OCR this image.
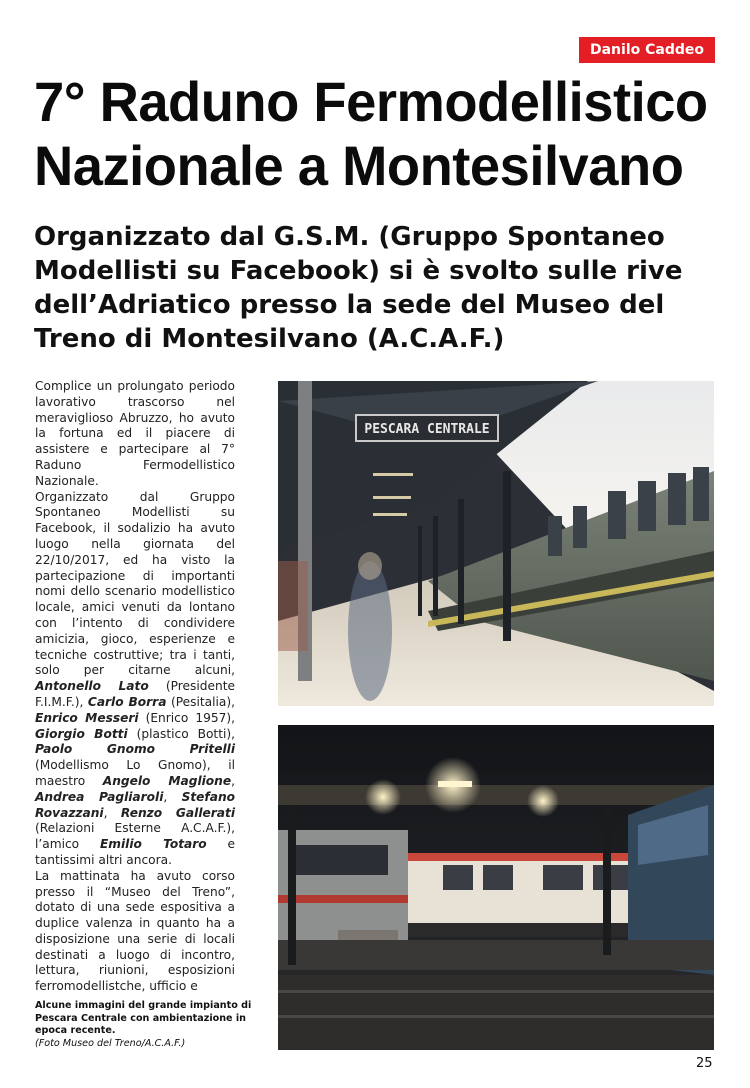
Danilo Caddeo
7° Raduno Fermodellistico
Nazionale a Montesilvano
Organizzato dal G.S.M. (Gruppo Spontaneo
Modellisti su Facebook) si è svolto sulle rive
dell’Adriatico presso la sede del Museo del
Treno di Montesilvano (A.C.A.F.)

Complice un prolungato periodo lavorativo trascorso nel meraviglioso Abruzzo, ho avuto la fortuna ed il piacere di assistere e partecipare al 7° Raduno Fermodellistico Nazionale.

Organizzato dal Gruppo Spontaneo Modellisti su Facebook, il sodalizio ha avuto luogo nella giornata del 22/10/2017, ed ha visto la partecipazione di importanti nomi dello scenario modellistico locale, amici venuti da lontano con l’intento di condividere amicizia, gioco, esperienze e tecniche costruttive; tra i tanti, solo per citarne alcuni, Antonello Lato (Presidente F.I.M.F.), Carlo Borra (Pesitalia), Enrico Messeri (Enrico 1957), Giorgio Botti (plastico Botti), Paolo Gnomo Pritelli (Modellismo Lo Gnomo), il maestro Angelo Maglione, Andrea Pagliaroli, Stefano Rovazzani, Renzo Gallerati (Relazioni Esterne A.C.A.F.), l’amico Emilio Totaro e tantissimi altri ancora.

La mattinata ha avuto corso presso il “Museo del Treno”, dotato di una sede espositiva a duplice valenza in quanto ha a disposizione una serie di locali destinati a luogo di incontro, lettura, riunioni, esposizioni ferromodellistche, ufficio e

PESCARA CENTRALE
Alcune immagini del grande impianto di Pescara Centrale con ambientazione in epoca recente.
(Foto Museo del Treno/A.C.A.F.)
25
